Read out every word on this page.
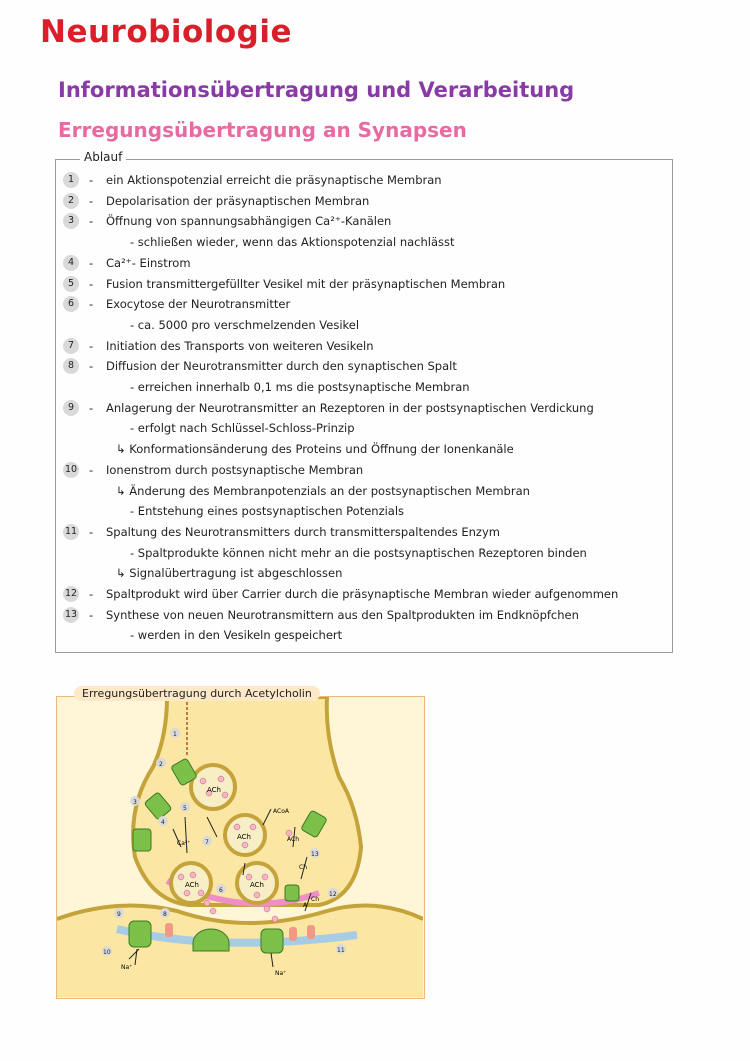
Neurobiologie
Informationsübertragung und Verarbeitung
Erregungsübertragung an Synapsen
Ablauf
1	- ein Aktionspotenzial erreicht die präsynaptische Membran
2	- Depolarisation der präsynaptischen Membran
3	- Öffnung von spannungsabhängigen Ca²⁺-Kanälen
- schließen wieder, wenn das Aktionspotenzial nachlässt
4	- Ca²⁺- Einstrom
5	- Fusion transmittergefüllter Vesikel mit der präsynaptischen Membran
6	- Exocytose der Neurotransmitter
- ca. 5000 pro verschmelzenden Vesikel
7	- Initiation des Transports von weiteren Vesikeln
8	- Diffusion der Neurotransmitter durch den synaptischen Spalt
- erreichen innerhalb 0,1 ms die postsynaptische Membran
9	- Anlagerung der Neurotransmitter an Rezeptoren in der postsynaptischen Verdickung
- erfolgt nach Schlüssel-Schloss-Prinzip
↳ Konformationsänderung des Proteins und Öffnung der Ionenkanäle
10 - Ionenstrom durch postsynaptische Membran
↳ Änderung des Membranpotenzials an der postsynaptischen Membran
- Entstehung eines postsynaptischen Potenzials
11 - Spaltung des Neurotransmitters durch transmitterspaltendes Enzym
- Spaltprodukte können nicht mehr an die postsynaptischen Rezeptoren binden
↳ Signalübertragung ist abgeschlossen
12 - Spaltprodukt wird über Carrier durch die präsynaptische Membran wieder aufgenommen
13 - Synthese von neuen Neurotransmittern aus den Spaltprodukten im Endknöpfchen
- werden in den Vesikeln gespeichert
ACh
ACh
ACh	ACh
Ca²⁺
ACoA
ACh
Ch
Ch
A
Na⁺
Na⁺
1
2
3
4
5
6
7
8
9
10	11
12
13
Erregungsübertragung durch Acetylcholin
